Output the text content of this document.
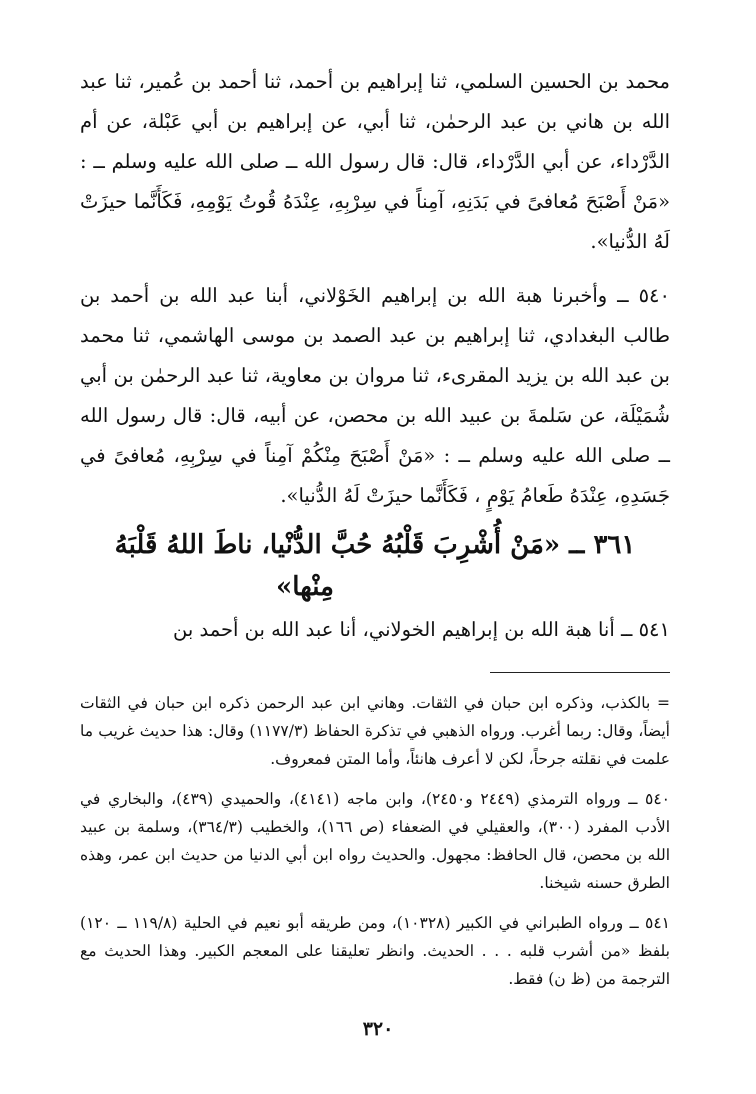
محمد بن الحسين السلمي، ثنا إبراهيم بن أحمد، ثنا أحمد بن عُمير، ثنا عبد الله بن هاني بن عبد الرحمٰن، ثنا أبي، عن إبراهيم بن أبي عَبْلة، عن أم الدَّرْداء، عن أبي الدَّرْداء، قال: قال رسول الله ــ صلى الله عليه وسلم ــ : «مَنْ أَصْبَحَ مُعافىً في بَدَنِهِ، آمِناً في سِرْبِهِ، عِنْدَهُ قُوتُ يَوْمِهِ، فَكَأَنَّما حيزَتْ لَهُ الدُّنيا».

٥٤٠ ــ وأخبرنا هبة الله بن إبراهيم الخَوْلاني، أبنا عبد الله بن أحمد بن طالب البغدادي، ثنا إبراهيم بن عبد الصمد بن موسى الهاشمي، ثنا محمد بن عبد الله بن يزيد المقرىء، ثنا مروان بن معاوية، ثنا عبد الرحمٰن بن أبي شُمَيْلَة، عن سَلمةَ بن عبيد الله بن محصن، عن أبيه، قال: قال رسول الله ــ صلى الله عليه وسلم ــ : «مَنْ أَصْبَحَ مِنْكُمْ آمِناً في سِرْبِهِ، مُعافىً في جَسَدِهِ، عِنْدَهُ طَعامُ يَوْمٍ ، فَكَأَنَّما حيزَتْ لَهُ الدُّنيا».

٣٦١ ــ «مَنْ أُشْرِبَ قَلْبُهُ حُبَّ الدُّنْيا، ناطَ اللهُ قَلْبَهُ
مِنْها»

٥٤١ ــ أنا هبة الله بن إبراهيم الخولاني، أنا عبد الله بن أحمد بن

= بالكذب، وذكره ابن حبان في الثقات. وهاني ابن عبد الرحمن ذكره ابن حبان في الثقات أيضاً، وقال: ربما أغرب. ورواه الذهبي في تذكرة الحفاظ (١١٧٧/٣) وقال: هذا حديث غريب ما علمت في نقلته جرحاً، لكن لا أعرف هانئاً، وأما المتن فمعروف.

٥٤٠ ــ ورواه الترمذي (٢٤٤٩ و٢٤٥٠)، وابن ماجه (٤١٤١)، والحميدي (٤٣٩)، والبخاري في الأدب المفرد (٣٠٠)، والعقيلي في الضعفاء (ص ١٦٦)، والخطيب (٣٦٤/٣)، وسلمة بن عبيد الله بن محصن، قال الحافظ: مجهول. والحديث رواه ابن أبي الدنيا من حديث ابن عمر، وهذه الطرق حسنه شيخنا.

٥٤١ ــ ورواه الطبراني في الكبير (١٠٣٢٨)، ومن طريقه أبو نعيم في الحلية (١١٩/٨ ــ ١٢٠) بلفظ «من أشرب قلبه . . . الحديث. وانظر تعليقنا على المعجم الكبير. وهذا الحديث مع الترجمة من (ظ ن) فقط.

٣٢٠
